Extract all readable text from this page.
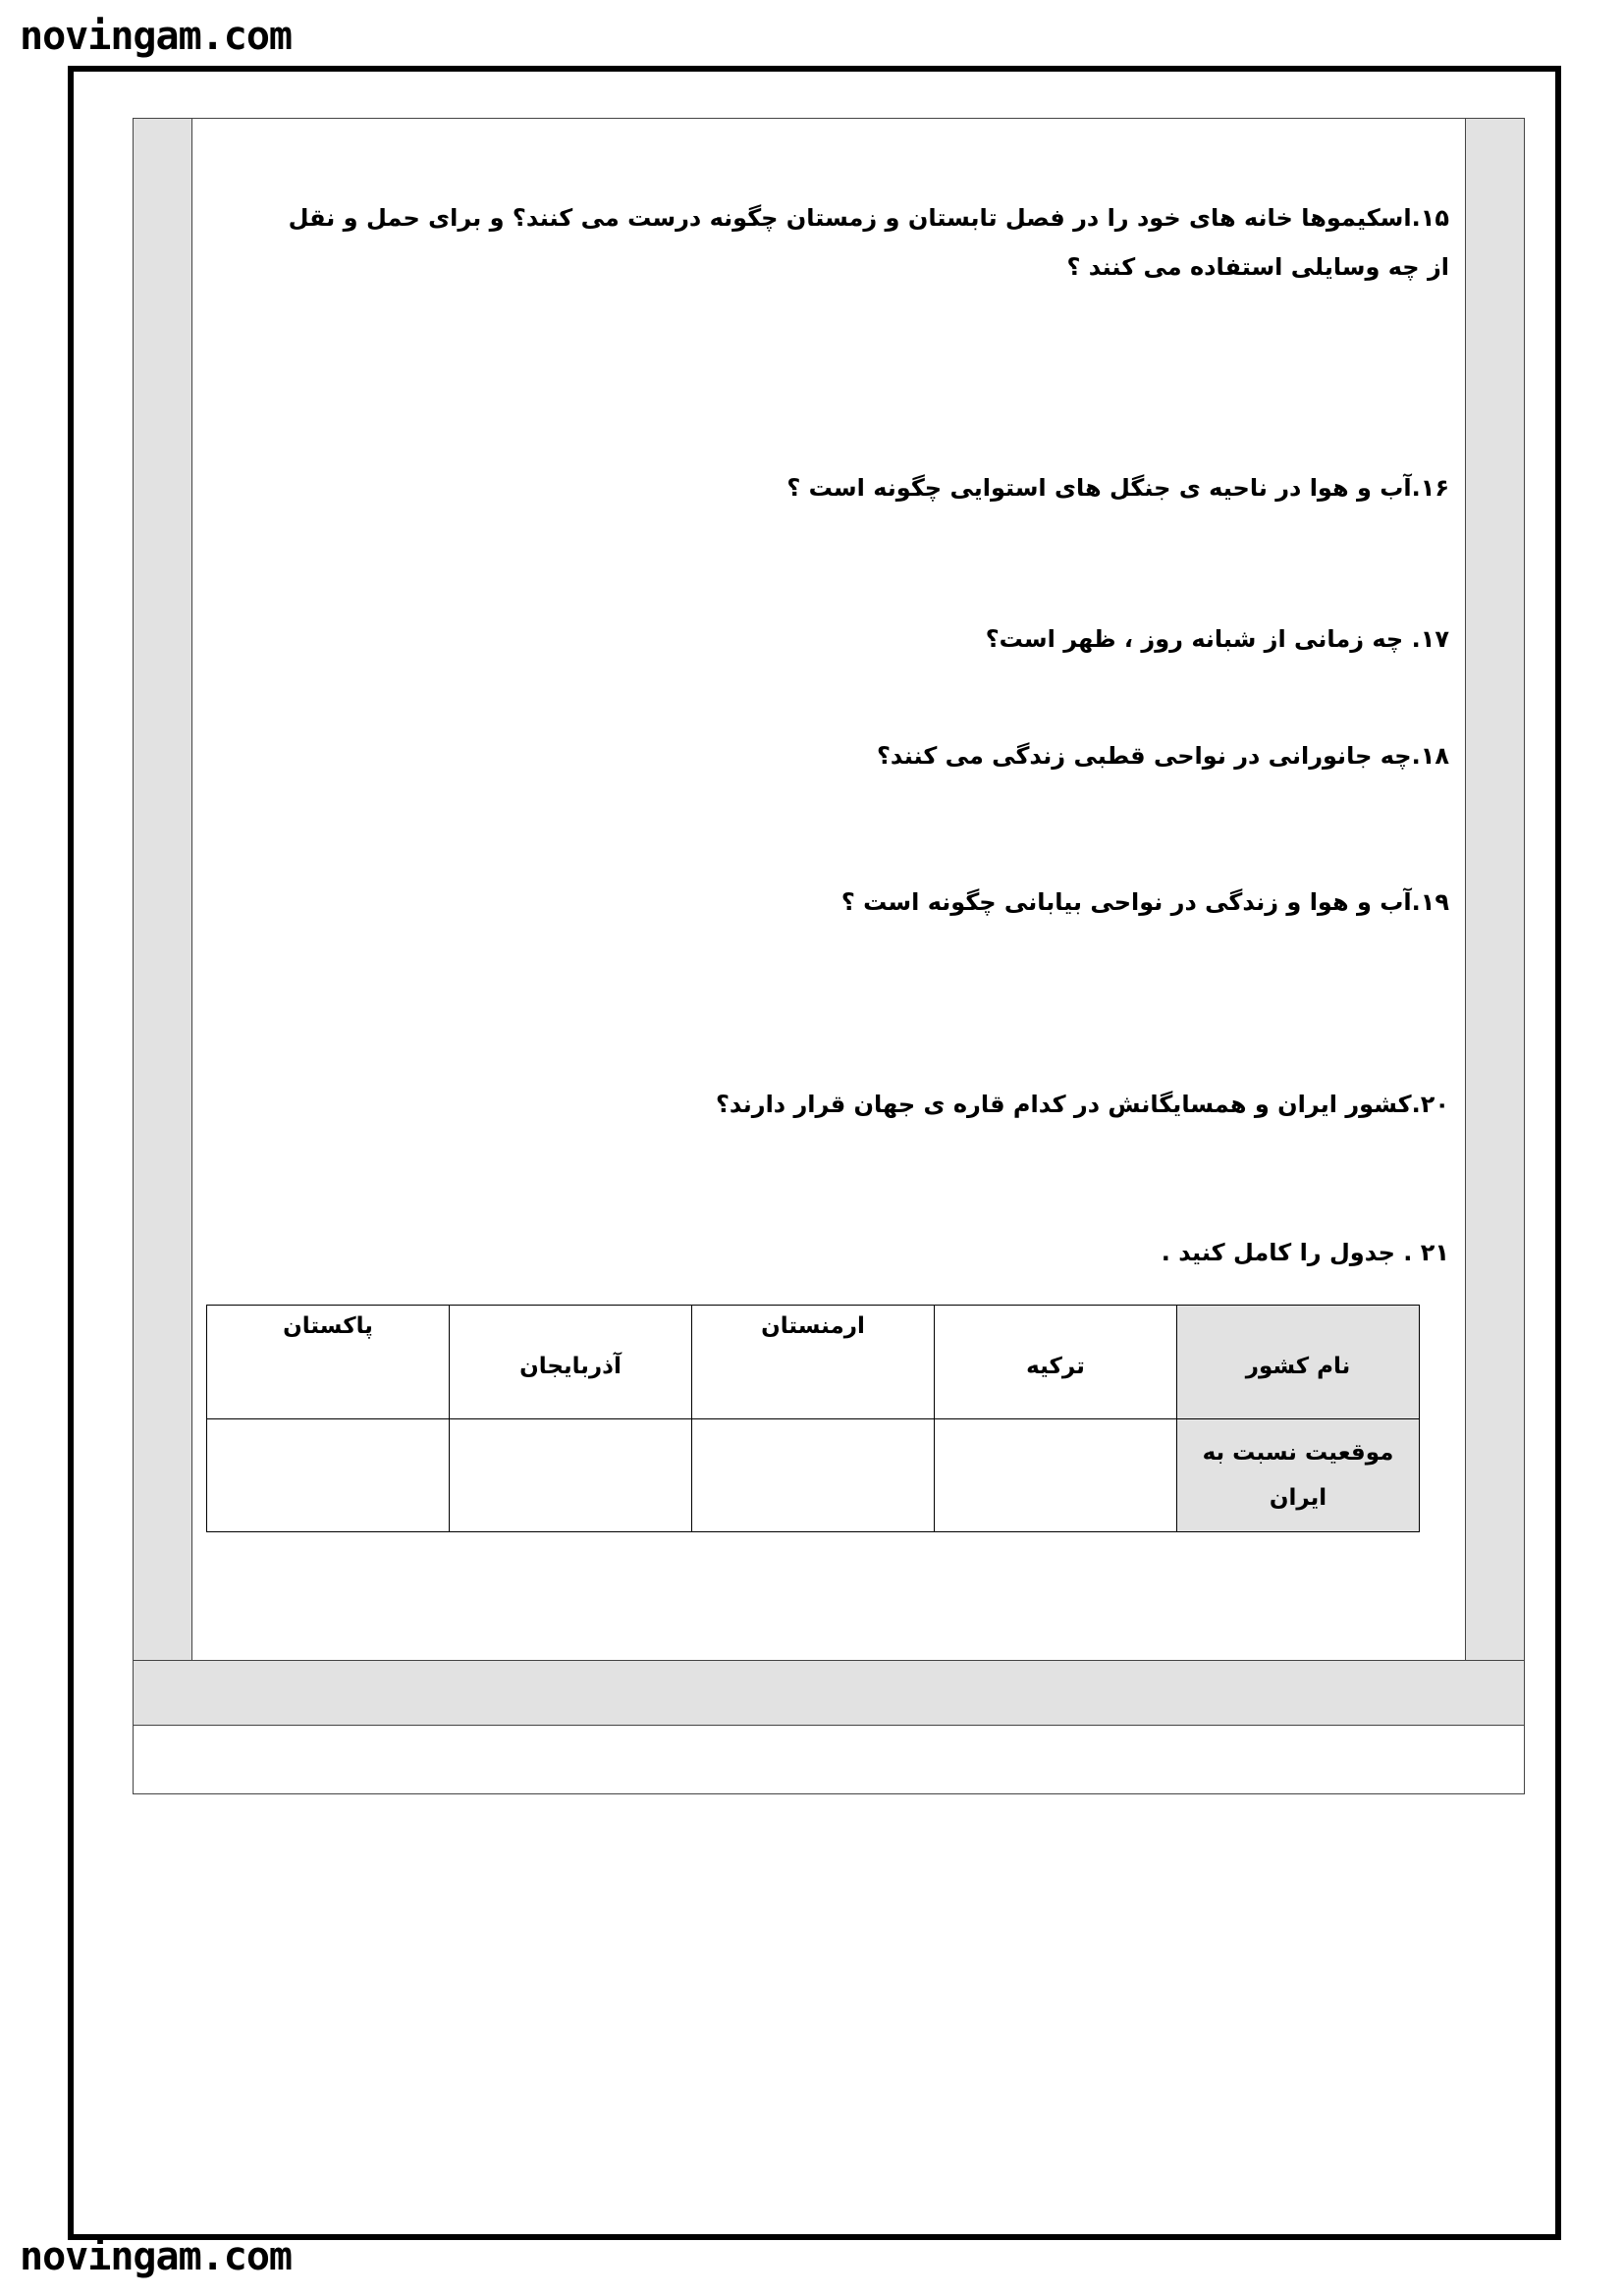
novingam.com
۱۵.اسکیموها خانه های خود را در فصل تابستان و زمستان چگونه درست می کنند؟ و برای حمل و نقل از چه وسایلی استفاده می کنند ؟
۱۶.آب و هوا در ناحیه ی جنگل های استوایی چگونه است ؟
۱۷. چه زمانی از شبانه روز ، ظهر است؟
۱۸.چه جانورانی در نواحی قطبی زندگی می کنند؟
۱۹.آب و هوا و زندگی در نواحی بیابانی چگونه است ؟
۲۰.کشور ایران و همسایگانش در کدام قاره ی جهان قرار دارند؟
۲۱ . جدول را کامل کنید .
نام کشور	ترکیه	ارمنستان	آذربایجان	پاکستان
موقعیت نسبت به ایران				
novingam.com
